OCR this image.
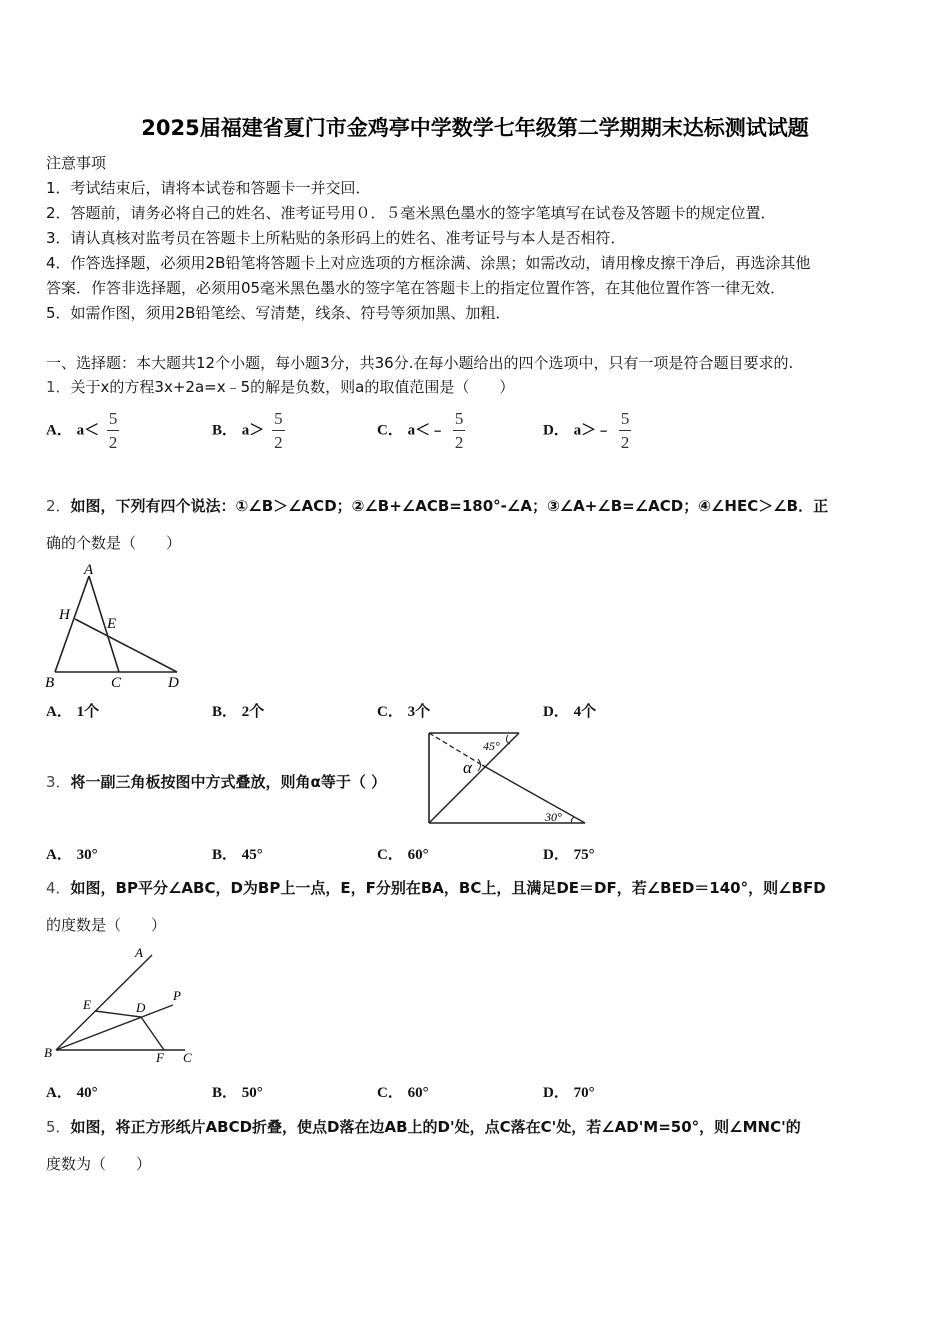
2025届福建省夏门市金鸡亭中学数学七年级第二学期期末达标测试试题
注意事项
1．考试结束后，请将本试卷和答题卡一并交回．
2．答题前，请务必将自己的姓名、准考证号用０．５毫米黑色墨水的签字笔填写在试卷及答题卡的规定位置．
3．请认真核对监考员在答题卡上所粘贴的条形码上的姓名、准考证号与本人是否相符．
4．作答选择题，必须用2B铅笔将答题卡上对应选项的方框涂满、涂黑；如需改动，请用橡皮擦干净后，再选涂其他
答案．作答非选择题，必须用05毫米黑色墨水的签字笔在答题卡上的指定位置作答，在其他位置作答一律无效．
5．如需作图，须用2B铅笔绘、写清楚，线条、符号等须加黑、加粗．
一、选择题：本大题共12个小题，每小题3分，共36分.在每小题给出的四个选项中，只有一项是符合题目要求的.
1．关于x的方程3x+2a=x﹣5的解是负数，则a的取值范围是（　　）
A． $a< \frac{5}{2}$	B． $a> \frac{5}{2}$	C． a＜﹣ $\frac{5}{2}$	D． a＞﹣ $\frac{5}{2}$
2．如图，下列有四个说法：①∠B＞∠ACD；②∠B+∠ACB=180°-∠A；③∠A+∠B=∠ACD；④∠HEC＞∠B．正
确的个数是（　　）
A
H
E
B	C	D
A． 1个	B． 2个	C． 3个	D． 4个
3．将一副三角板按图中方式叠放，则角α等于（ ）
45°
α
30°
A． 30°	B． 45°	C． 60°	D． 75°
4．如图，BP平分∠ABC，D为BP上一点，E，F分别在BA，BC上，且满足DE＝DF，若∠BED＝140°，则∠BFD
的度数是（　　）
A
E	D
P
B	F C
A． 40°	B． 50°	C． 60°	D． 70°
5．如图，将正方形纸片ABCD折叠，使点D落在边AB上的D'处，点C落在C'处，若∠AD'M=50°，则∠MNC'的
度数为（　　）
